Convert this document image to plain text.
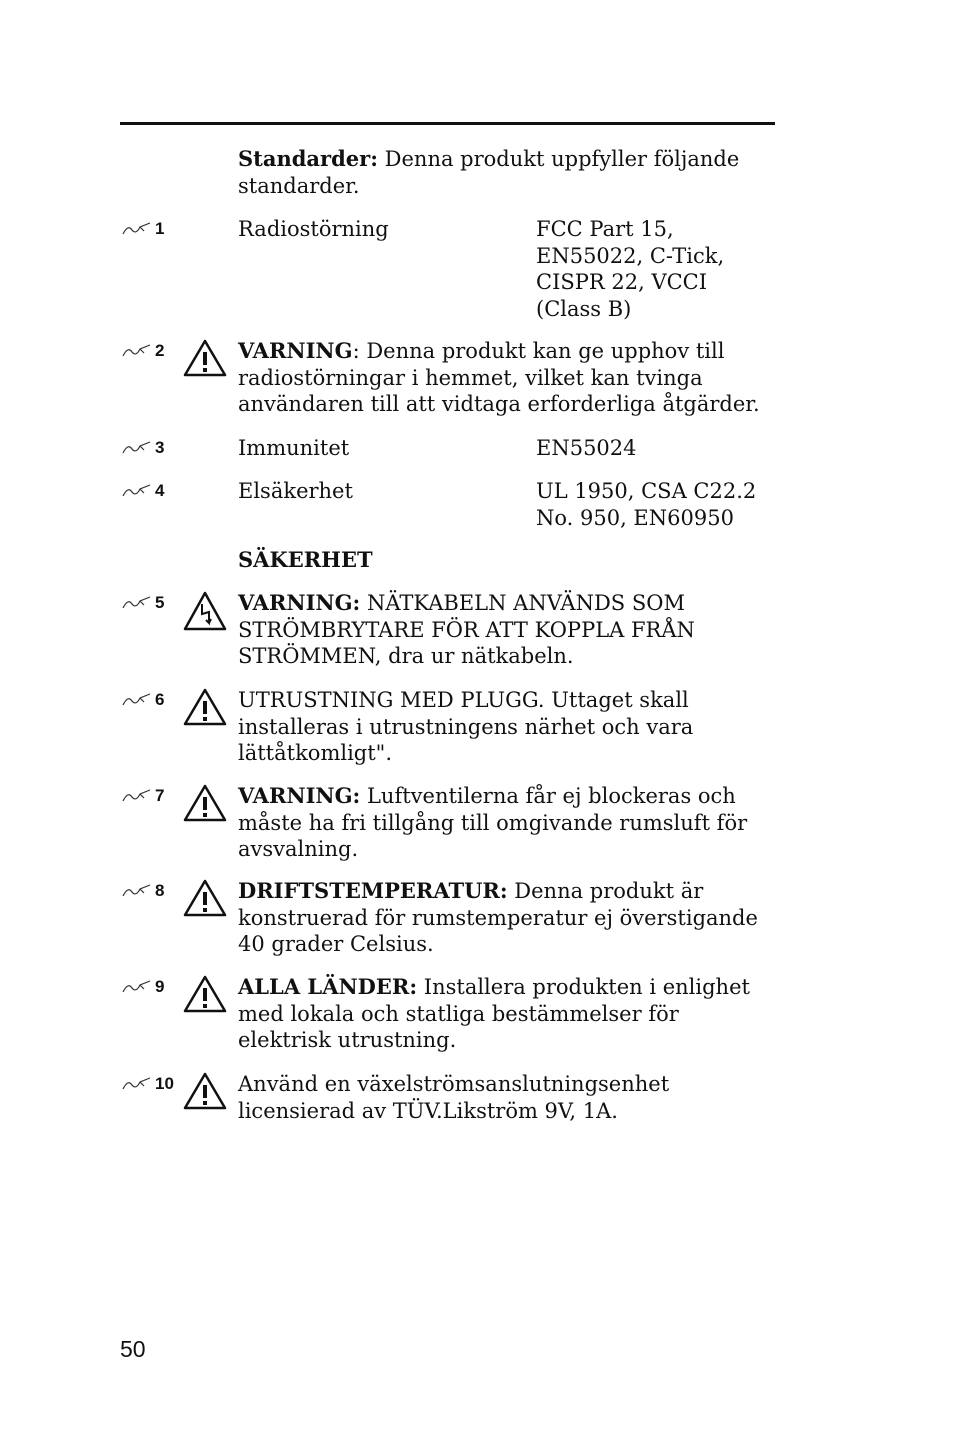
Standarder: Denna produkt uppfyller följande standarder.
1	Radiostörning	FCC Part 15,
EN55022, C-Tick,
CISPR 22, VCCI
(Class B)
2	VARNING: Denna produkt kan ge upphov till
radiostörningar i hemmet, vilket kan tvinga
användaren till att vidtaga erforderliga åtgärder.
3	Immunitet	EN55024
4	Elsäkerhet	UL 1950, CSA C22.2
No. 950, EN60950
SÄKERHET
5	VARNING: NÄTKABELN ANVÄNDS SOM
STRÖMBRYTARE FÖR ATT KOPPLA FRÅN
STRÖMMEN, dra ur nätkabeln.
6	UTRUSTNING MED PLUGG. Uttaget skall
installeras i utrustningens närhet och vara
lättåtkomligt".
7	VARNING: Luftventilerna får ej blockeras och
måste ha fri tillgång till omgivande rumsluft för
avsvalning.
8	DRIFTSTEMPERATUR: Denna produkt är
konstruerad för rumstemperatur ej överstigande
40 grader Celsius.
9	ALLA LÄNDER: Installera produkten i enlighet
med lokala och statliga bestämmelser för
elektrisk utrustning.
10	Använd en växelströmsanslutningsenhet
licensierad av TÜV.Likström 9V, 1A.
50
